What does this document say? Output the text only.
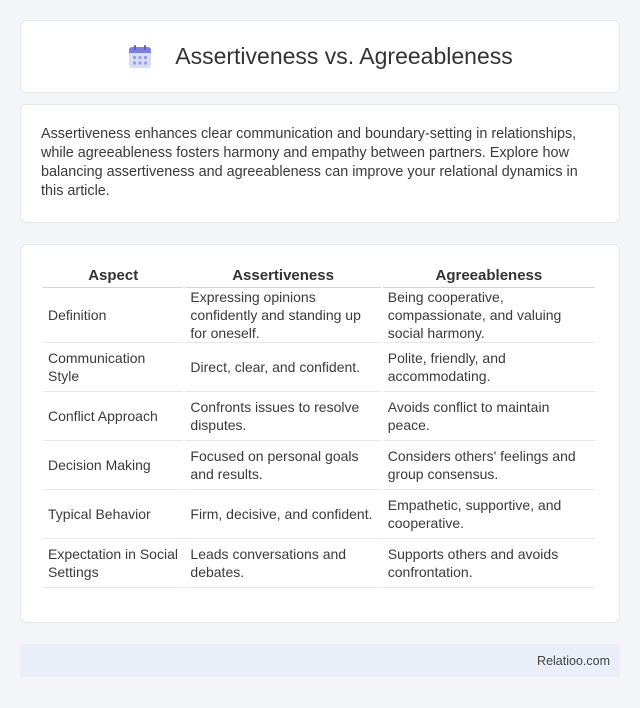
Assertiveness vs. Agreeableness

Assertiveness enhances clear communication and boundary-setting in relationships, while agreeableness fosters harmony and empathy between partners. Explore how balancing assertiveness and agreeableness can improve your relational dynamics in this article.

Aspect	Assertiveness	Agreeableness
Definition	Expressing opinions confidently and standing up for oneself.	Being cooperative, compassionate, and valuing social harmony.
Communication Style	Direct, clear, and confident.	Polite, friendly, and accommodating.
Conflict Approach	Confronts issues to resolve disputes.	Avoids conflict to maintain peace.
Decision Making	Focused on personal goals and results.	Considers others' feelings and group consensus.
Typical Behavior	Firm, decisive, and confident.	Empathetic, supportive, and cooperative.
Expectation in Social Settings	Leads conversations and debates.	Supports others and avoids confrontation.
Relatioo.com
